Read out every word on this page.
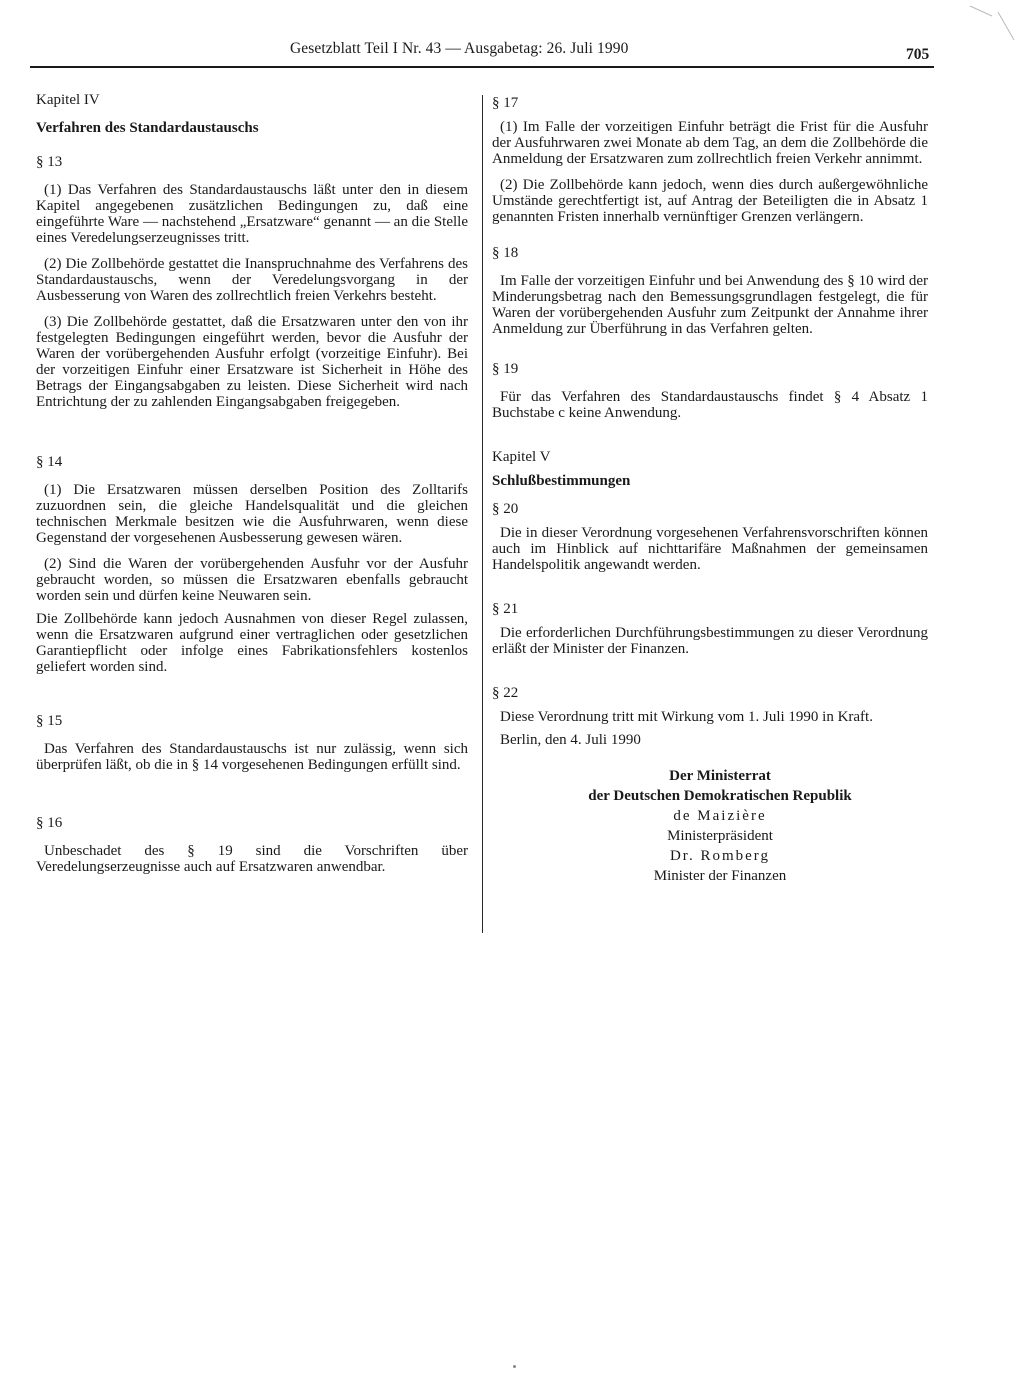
Gesetzblatt Teil I Nr. 43 — Ausgabetag: 26. Juli 1990	705

Kapitel IV

Verfahren des Standardaustauschs

§ 13

(1) Das Verfahren des Standardaustauschs läßt unter den in diesem Kapitel angegebenen zusätzlichen Bedingungen zu, daß eine eingeführte Ware — nachstehend „Ersatzware“ genannt — an die Stelle eines Veredelungserzeugnisses tritt.

(2) Die Zollbehörde gestattet die Inanspruchnahme des Verfahrens des Standardaustauschs, wenn der Veredelungsvorgang in der Ausbesserung von Waren des zollrechtlich freien Verkehrs besteht.

(3) Die Zollbehörde gestattet, daß die Ersatzwaren unter den von ihr festgelegten Bedingungen eingeführt werden, bevor die Ausfuhr der Waren der vorübergehenden Ausfuhr erfolgt (vorzeitige Einfuhr). Bei der vorzeitigen Einfuhr einer Ersatzware ist Sicherheit in Höhe des Betrags der Eingangsabgaben zu leisten. Diese Sicherheit wird nach Entrichtung der zu zahlenden Eingangsabgaben freigegeben.

§ 14

(1) Die Ersatzwaren müssen derselben Position des Zolltarifs zuzuordnen sein, die gleiche Handelsqualität und die gleichen technischen Merkmale besitzen wie die Ausfuhrwaren, wenn diese Gegenstand der vorgesehenen Ausbesserung gewesen wären.

(2) Sind die Waren der vorübergehenden Ausfuhr vor der Ausfuhr gebraucht worden, so müssen die Ersatzwaren ebenfalls gebraucht worden sein und dürfen keine Neuwaren sein.

Die Zollbehörde kann jedoch Ausnahmen von dieser Regel zulassen, wenn die Ersatzwaren aufgrund einer vertraglichen oder gesetzlichen Garantiepflicht oder infolge eines Fabrikationsfehlers kostenlos geliefert worden sind.

§ 15

Das Verfahren des Standardaustauschs ist nur zulässig, wenn sich überprüfen läßt, ob die in § 14 vorgesehenen Bedingungen erfüllt sind.

§ 16

Unbeschadet des § 19 sind die Vorschriften über Veredelungserzeugnisse auch auf Ersatzwaren anwendbar.

§ 17

(1) Im Falle der vorzeitigen Einfuhr beträgt die Frist für die Ausfuhr der Ausfuhrwaren zwei Monate ab dem Tag, an dem die Zollbehörde die Anmeldung der Ersatzwaren zum zollrechtlich freien Verkehr annimmt.

(2) Die Zollbehörde kann jedoch, wenn dies durch außergewöhnliche Umstände gerechtfertigt ist, auf Antrag der Beteiligten die in Absatz 1 genannten Fristen innerhalb vernünftiger Grenzen verlängern.

§ 18

Im Falle der vorzeitigen Einfuhr und bei Anwendung des § 10 wird der Minderungsbetrag nach den Bemessungsgrundlagen festgelegt, die für Waren der vorübergehenden Ausfuhr zum Zeitpunkt der Annahme ihrer Anmeldung zur Überführung in das Verfahren gelten.

§ 19

Für das Verfahren des Standardaustauschs findet § 4 Absatz 1 Buchstabe c keine Anwendung.

Kapitel V

Schlußbestimmungen

§ 20

Die in dieser Verordnung vorgesehenen Verfahrensvorschriften können auch im Hinblick auf nichttarifäre Maßnahmen der gemeinsamen Handelspolitik angewandt werden.

§ 21

Die erforderlichen Durchführungsbestimmungen zu dieser Verordnung erläßt der Minister der Finanzen.

§ 22

Diese Verordnung tritt mit Wirkung vom 1. Juli 1990 in Kraft.

Berlin, den 4. Juli 1990

Der Ministerrat

der Deutschen Demokratischen Republik

de Maizière

Ministerpräsident

Dr. Romberg

Minister der Finanzen
